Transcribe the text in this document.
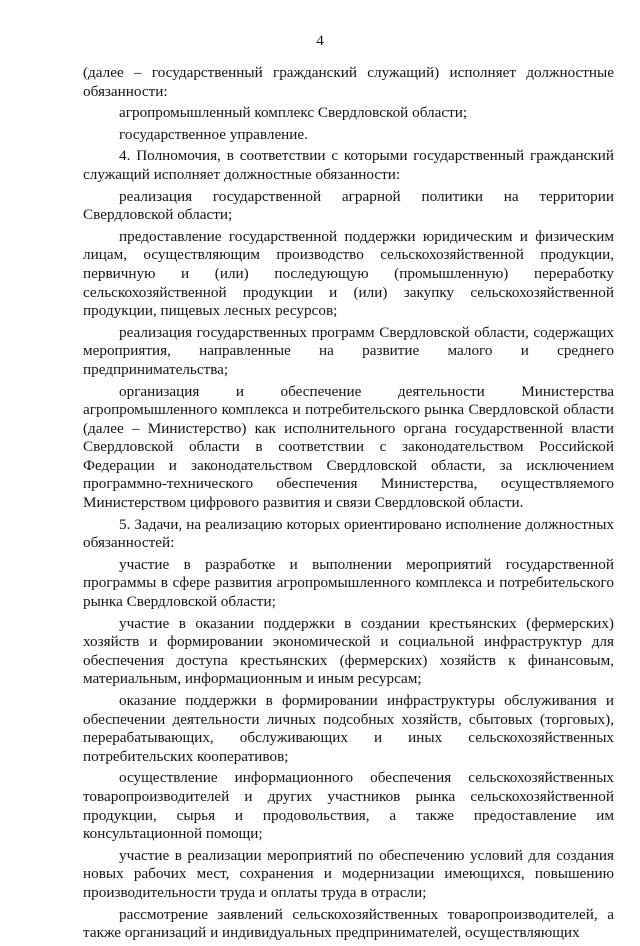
4

(далее – государственный гражданский служащий) исполняет должностные обязанности:

агропромышленный комплекс Свердловской области;

государственное управление.

4. Полномочия, в соответствии с которыми государственный гражданский служащий исполняет должностные обязанности:

реализация государственной аграрной политики на территории Свердловской области;

предоставление государственной поддержки юридическим и физическим лицам, осуществляющим производство сельскохозяйственной продукции, первичную и (или) последующую (промышленную) переработку сельскохозяйственной продукции и (или) закупку сельскохозяйственной продукции, пищевых лесных ресурсов;

реализация государственных программ Свердловской области, содержащих мероприятия, направленные на развитие малого и среднего предпринимательства;

организация и обеспечение деятельности Министерства агропромышленного комплекса и потребительского рынка Свердловской области (далее – Министерство) как исполнительного органа государственной власти Свердловской области в соответствии с законодательством Российской Федерации и законодательством Свердловской области, за исключением программно-технического обеспечения Министерства, осуществляемого Министерством цифрового развития и связи Свердловской области.

5. Задачи, на реализацию которых ориентировано исполнение должностных обязанностей:

участие в разработке и выполнении мероприятий государственной программы в сфере развития агропромышленного комплекса и потребительского рынка Свердловской области;

участие в оказании поддержки в создании крестьянских (фермерских) хозяйств и формировании экономической и социальной инфраструктур для обеспечения доступа крестьянских (фермерских) хозяйств к финансовым, материальным, информационным и иным ресурсам;

оказание поддержки в формировании инфраструктуры обслуживания и обеспечении деятельности личных подсобных хозяйств, сбытовых (торговых), перерабатывающих, обслуживающих и иных сельскохозяйственных потребительских кооперативов;

осуществление информационного обеспечения сельскохозяйственных товаропроизводителей и других участников рынка сельскохозяйственной продукции, сырья и продовольствия, а также предоставление им консультационной помощи;

участие в реализации мероприятий по обеспечению условий для создания новых рабочих мест, сохранения и модернизации имеющихся, повышению производительности труда и оплаты труда в отрасли;

рассмотрение заявлений сельскохозяйственных товаропроизводителей, а также организаций и индивидуальных предпринимателей, осуществляющих
